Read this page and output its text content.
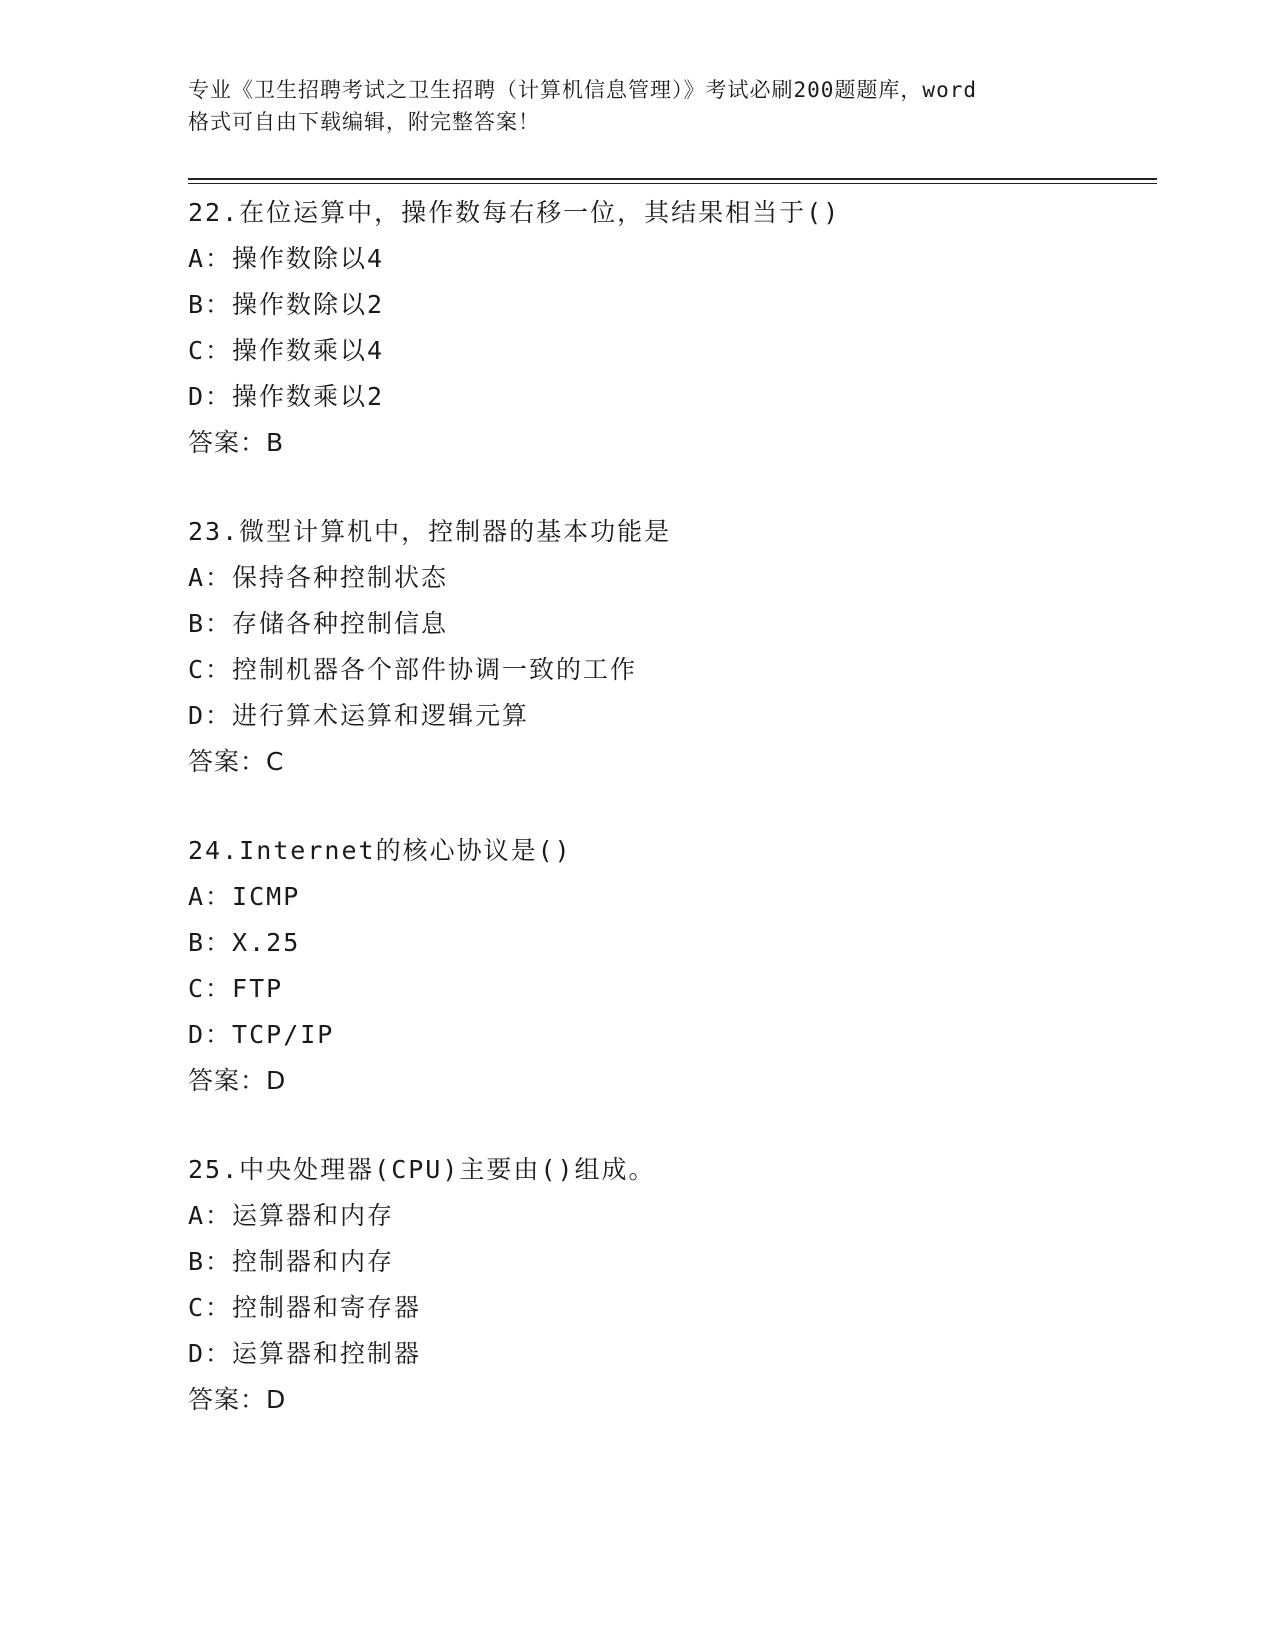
专业《卫生招聘考试之卫生招聘（计算机信息管理）》考试必刷200题题库，word
格式可自由下载编辑，附完整答案！
22.在位运算中，操作数每右移一位，其结果相当于()
A：操作数除以4
B：操作数除以2
C：操作数乘以4
D：操作数乘以2
答案：B
23.微型计算机中，控制器的基本功能是
A：保持各种控制状态
B：存储各种控制信息
C：控制机器各个部件协调一致的工作
D：进行算术运算和逻辑元算
答案：C
24.Internet的核心协议是()
A：ICMP
B：X.25
C：FTP
D：TCP/IP
答案：D
25.中央处理器(CPU)主要由()组成。
A：运算器和内存
B：控制器和内存
C：控制器和寄存器
D：运算器和控制器
答案：D
